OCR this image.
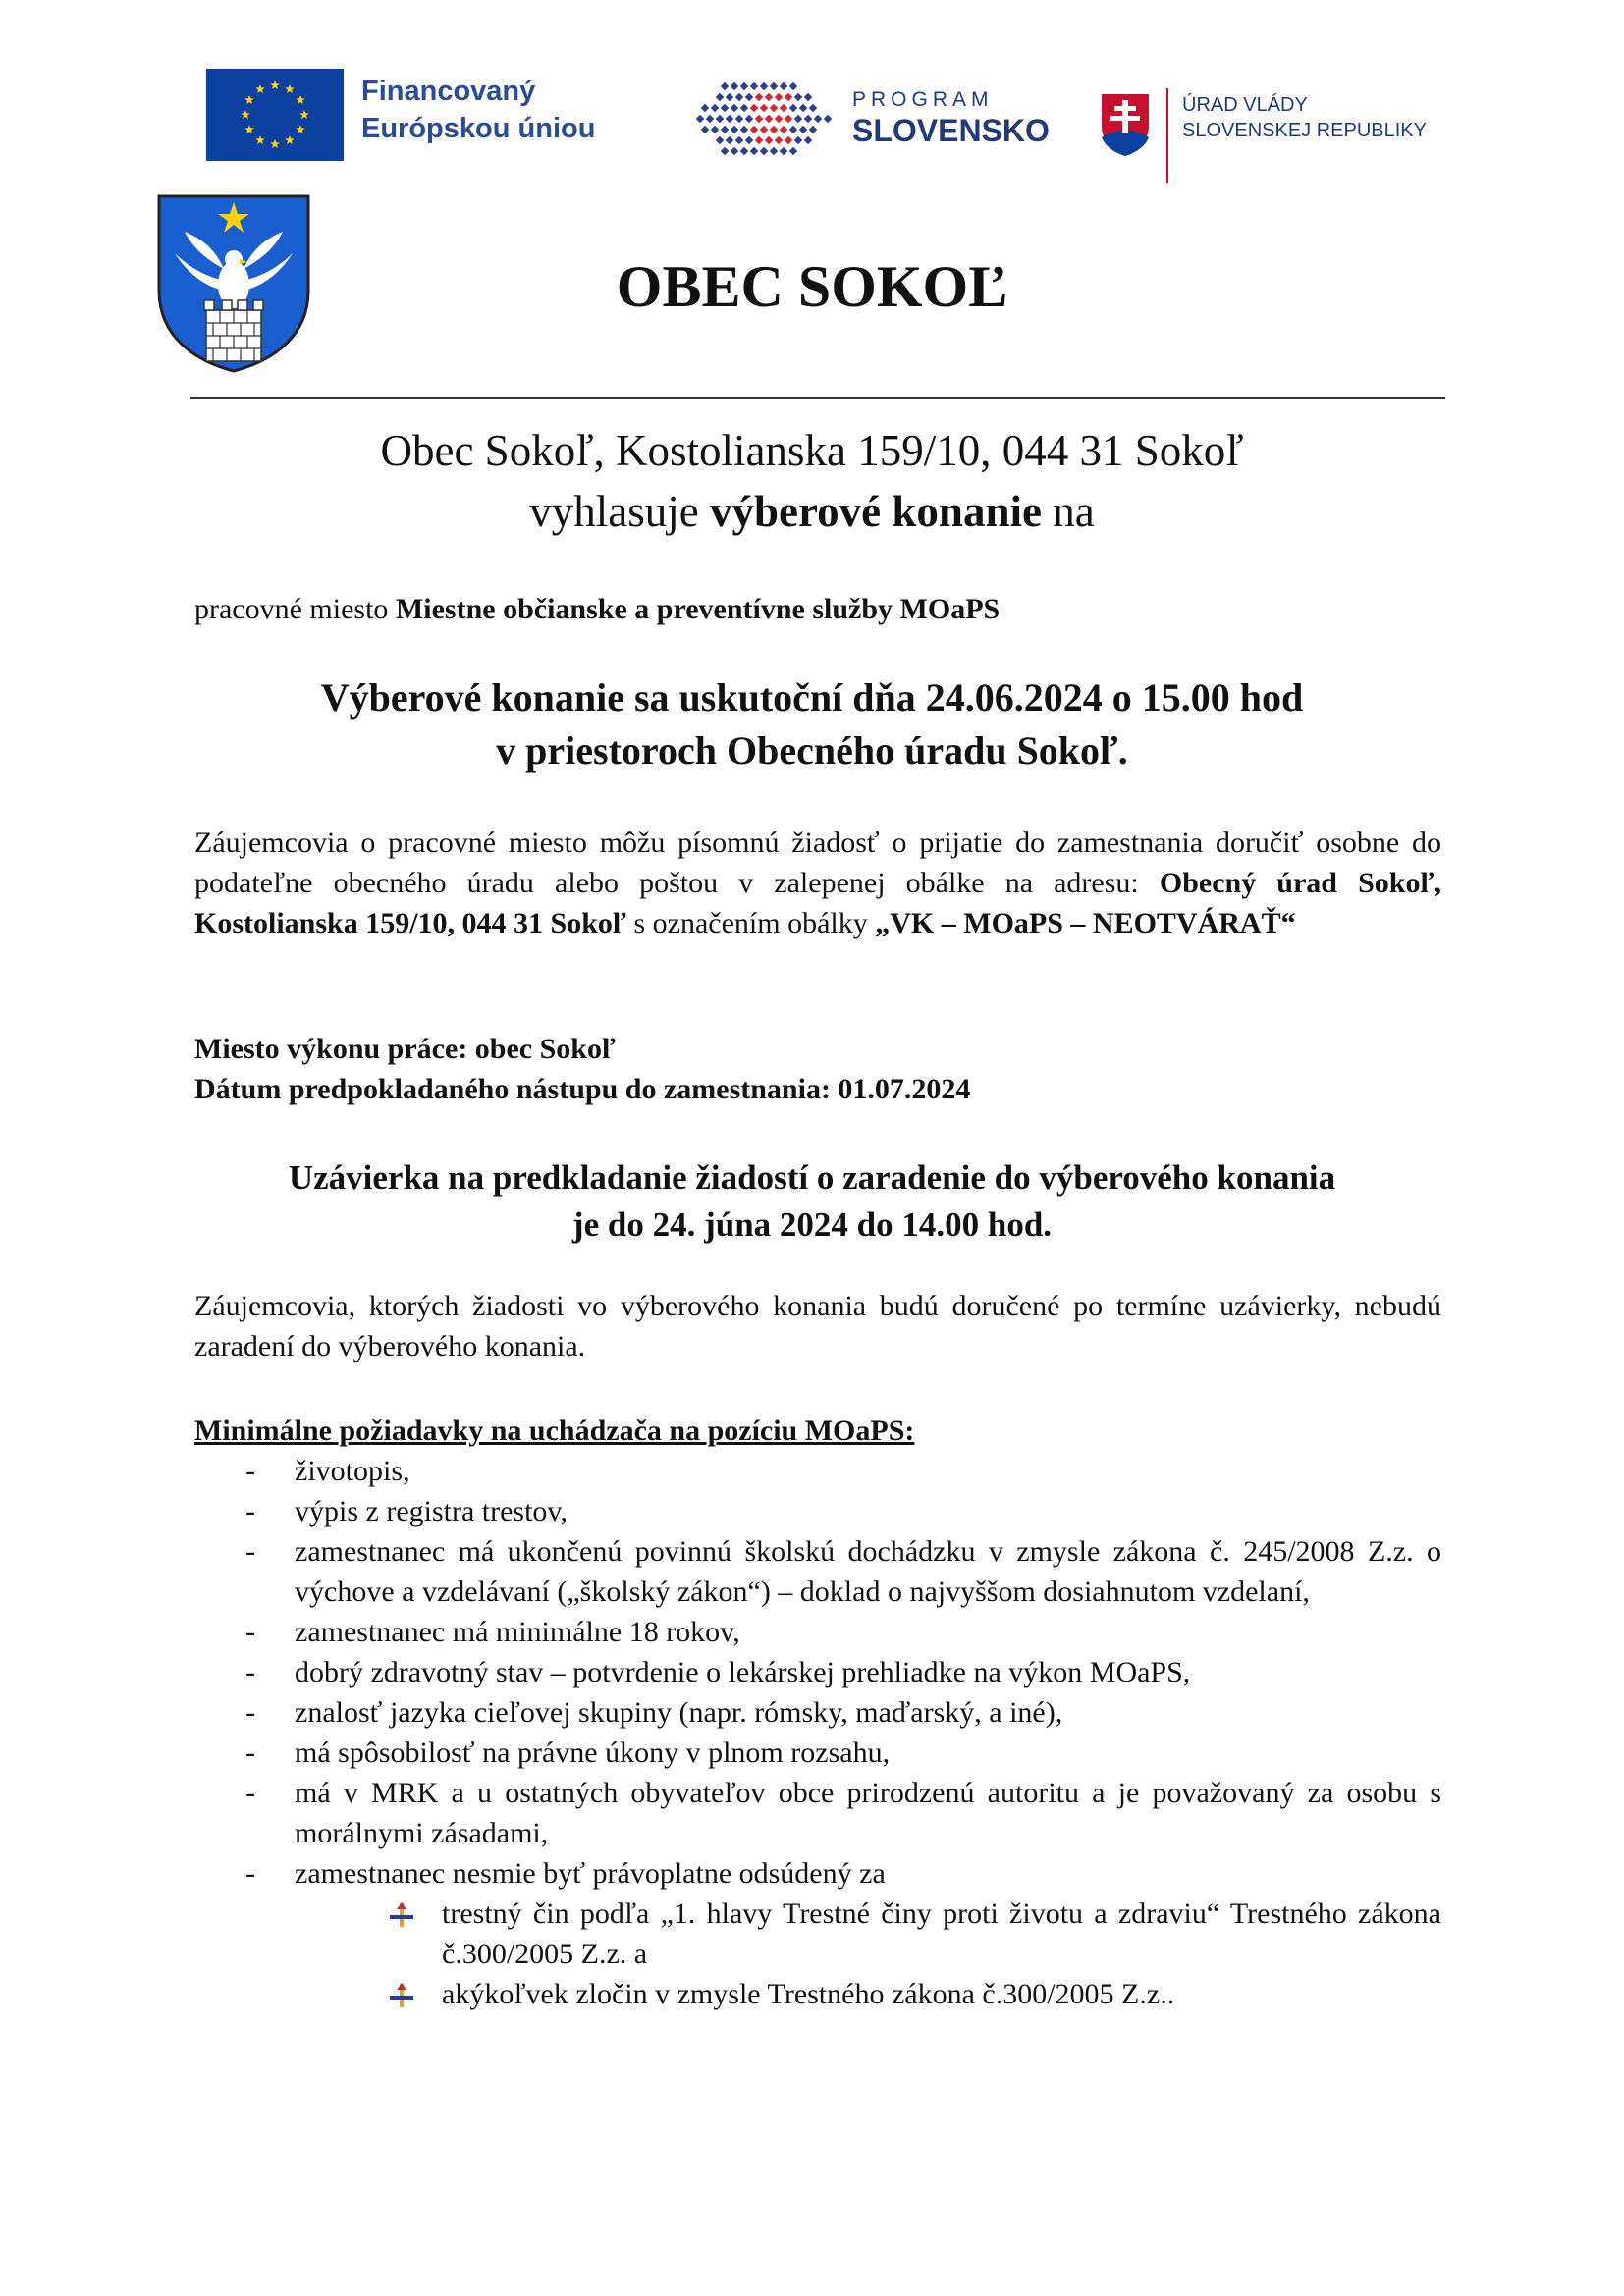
Financovaný
Európskou úniou
PROGRAM
SLOVENSKO
ÚRAD VLÁDY
SLOVENSKEJ REPUBLIKY
OBEC SOKOĽ

Obec Sokoľ, Kostolianska 159/10, 044 31 Sokoľ
vyhlasuje výberové konanie na

pracovné miesto Miestne občianske a preventívne služby MOaPS

Výberové konanie sa uskutoční dňa 24.06.2024 o 15.00 hod
v priestoroch Obecného úradu Sokoľ.

Záujemcovia o pracovné miesto môžu písomnú žiadosť o prijatie do zamestnania doručiť osobne do podateľne obecného úradu alebo poštou v zalepenej obálke na adresu: Obecný úrad Sokoľ, Kostolianska 159/10, 044 31 Sokoľ s označením obálky „VK – MOaPS – NEOTVÁRAŤ“

Miesto výkonu práce: obec Sokoľ
Dátum predpokladaného nástupu do zamestnania: 01.07.2024

Uzávierka na predkladanie žiadostí o zaradenie do výberového konania
je do 24. júna 2024 do 14.00 hod.

Záujemcovia, ktorých žiadosti vo výberového konania budú doručené po termíne uzávierky, nebudú zaradení do výberového konania.

Minimálne požiadavky na uchádzača na pozíciu MOaPS:

- životopis,
- výpis z registra trestov,
- zamestnanec má ukončenú povinnú školskú dochádzku v zmysle zákona č. 245/2008 Z.z. o výchove a vzdelávaní („školský zákon“) – doklad o najvyššom dosiahnutom vzdelaní,
- zamestnanec má minimálne 18 rokov,
- dobrý zdravotný stav – potvrdenie o lekárskej prehliadke na výkon MOaPS,
- znalosť jazyka cieľovej skupiny (napr. rómsky, maďarský, a iné),
- má spôsobilosť na právne úkony v plnom rozsahu,
- má v MRK a u ostatných obyvateľov obce prirodzenú autoritu a je považovaný za osobu s morálnymi zásadami,
- zamestnanec nesmie byť právoplatne odsúdený za
trestný čin podľa „1. hlavy Trestné činy proti životu a zdraviu“ Trestného zákona č.300/2005 Z.z. a
akýkoľvek zločin v zmysle Trestného zákona č.300/2005 Z.z..
